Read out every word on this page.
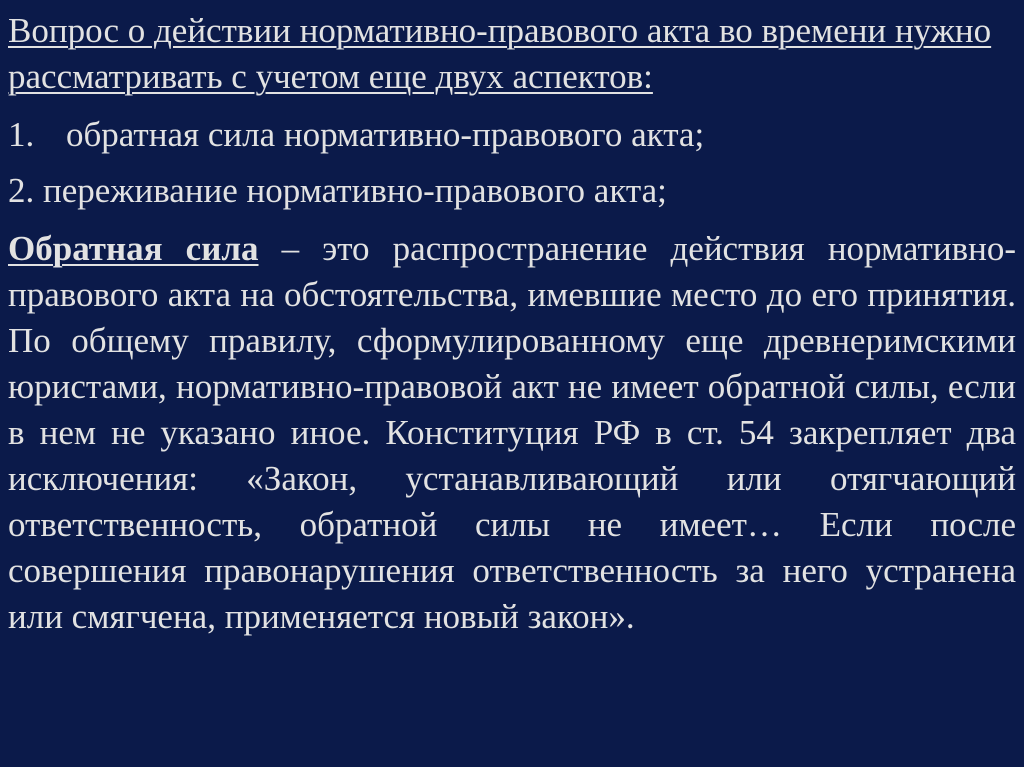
Вопрос о действии нормативно-правового акта во времени нужно рассматривать с учетом еще двух аспектов:
1. обратная сила нормативно-правового акта;
2. переживание нормативно-правового акта;
Обратная сила – это распространение действия нормативно-правового акта на обстоятельства, имевшие место до его принятия. По общему правилу, сформулированному еще древнеримскими юристами, нормативно-правовой акт не имеет обратной силы, если в нем не указано иное. Конституция РФ в ст. 54 закрепляет два исключения: «Закон, устанавливающий или отягчающий ответственность, обратной силы не имеет… Если после совершения правонарушения ответственность за него устранена или смягчена, применяется новый закон».
